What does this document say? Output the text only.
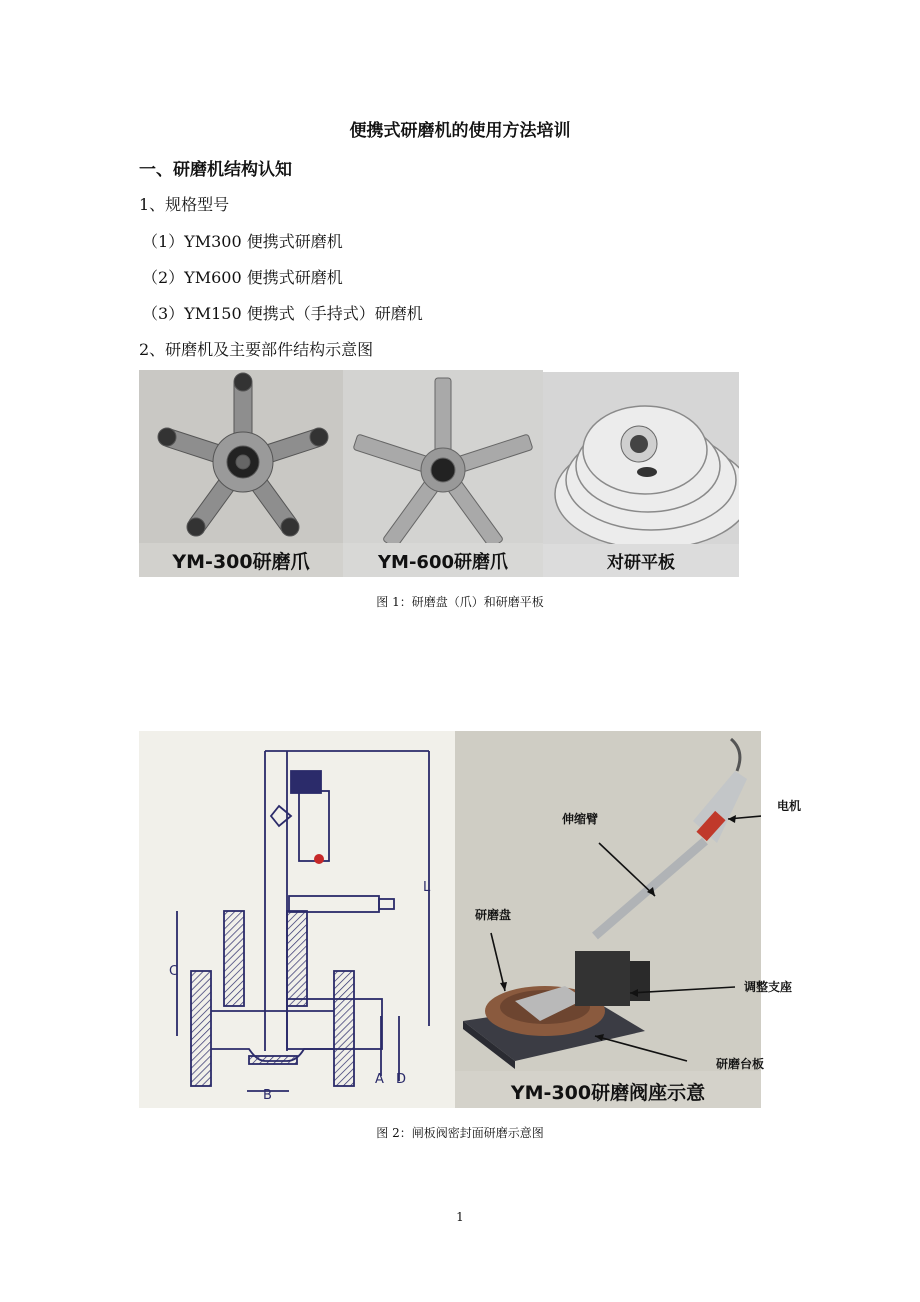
便携式研磨机的使用方法培训
一、研磨机结构认知
1、规格型号
（1）YM300 便携式研磨机
（2）YM600 便携式研磨机
（3）YM150 便携式（手持式）研磨机
2、研磨机及主要部件结构示意图
YM-300研磨爪	YM-600研磨爪	对研平板
图 1：研磨盘（爪）和研磨平板
C
B
A D
L
YM-300研磨阀座示意
电机
伸缩臂
研磨盘
调整支座
研磨台板
图 2：闸板阀密封面研磨示意图
1
